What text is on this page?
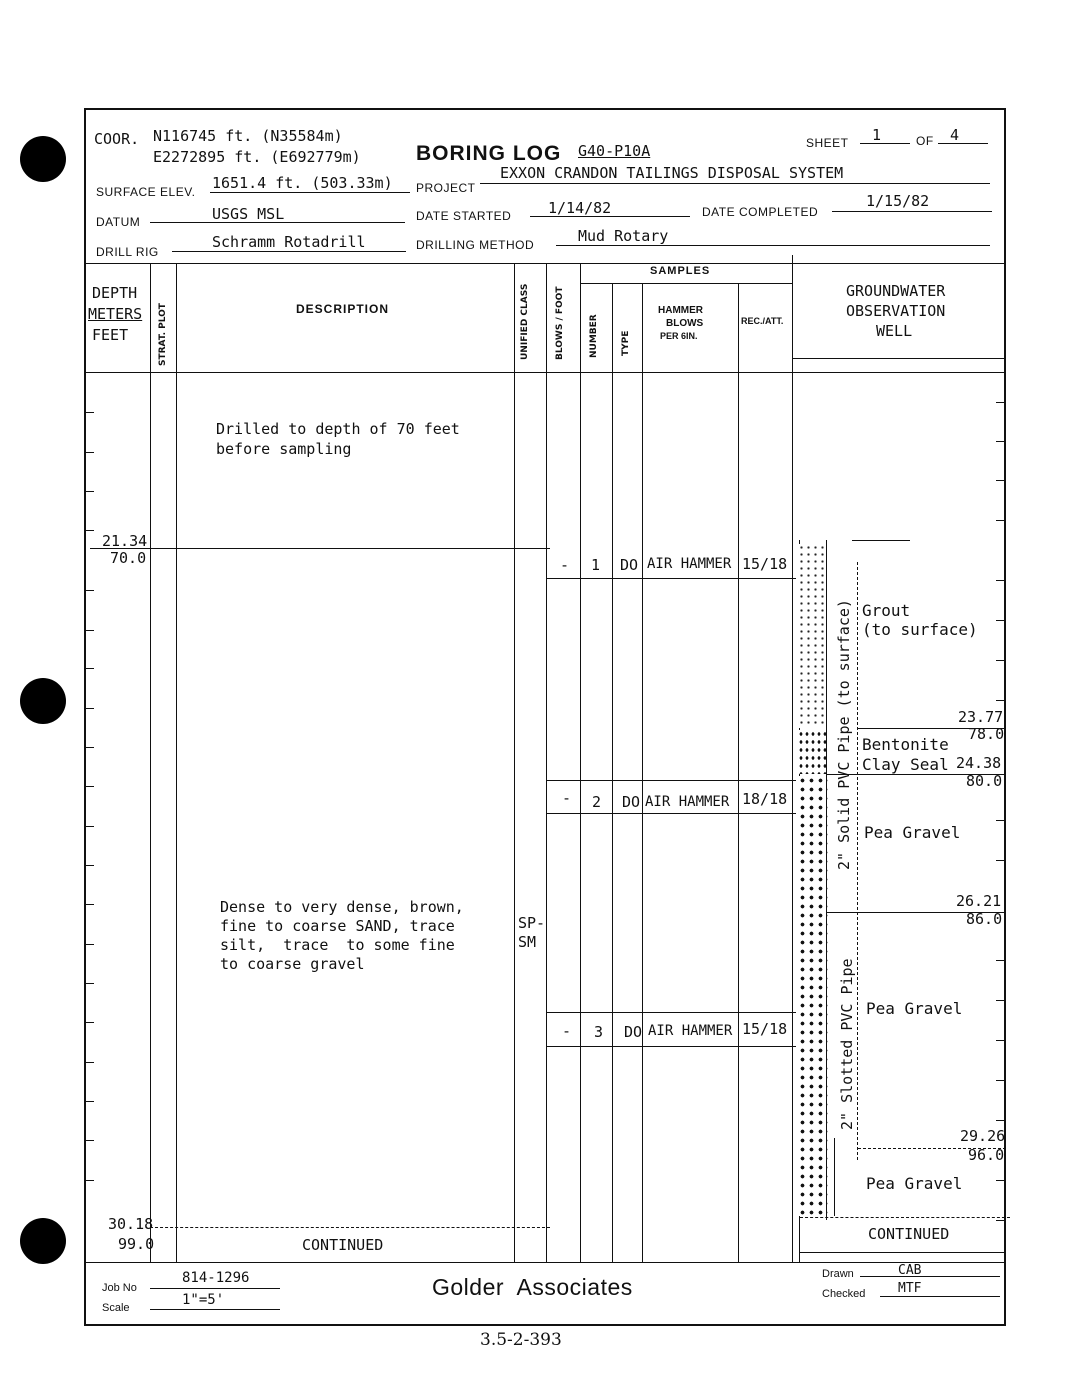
COOR. N116745 ft. (N35584m)
E2272895 ft. (E692779m)	BORING LOG G40-P10A	SHEET 1	OF 4
SURFACE ELEV. 1651.4 ft. (503.33m) PROJECT
EXXON CRANDON TAILINGS DISPOSAL SYSTEM
DATUM	USGS MSL	DATE STARTED 1/14/82	DATE COMPLETED
1/15/82
DRILL RIG
Schramm Rotadrill	DRILLING METHOD	Mud Rotary
DEPTH
METERS
FEET	STRAT. PLOT	DESCRIPTION	UNIFIED CLASS	BLOWS / FOOT
SAMPLES
NUMBER TYPE
HAMMER
BLOWS
PER 6IN.
REC./ATT.
GROUNDWATER
OBSERVATION
WELL
21.34
70.0
Drilled to depth of 70 feet
before sampling
Dense to very dense, brown,
fine to coarse SAND, trace
silt,  trace  to some fine
to coarse gravel
SP-
SM
- 1 DO AIR HAMMER 15/18
- 2 DO AIR HAMMER 18/18
- 3 DO AIR HAMMER 15/18
30.18
99.0	CONTINUED
2" Solid PVC Pipe (to surface)
2" Slotted PVC Pipe
Grout
(to surface)
23.77
78.0
Bentonite
Clay Seal 24.38
80.0
Pea Gravel
26.21
86.0
Pea Gravel
29.26
96.0
Pea Gravel
CONTINUED
Job No
814-1296
Scale	1"=5'	Golder  Associates	Drawn	CAB
Checked	MTF
3.5-2-393
